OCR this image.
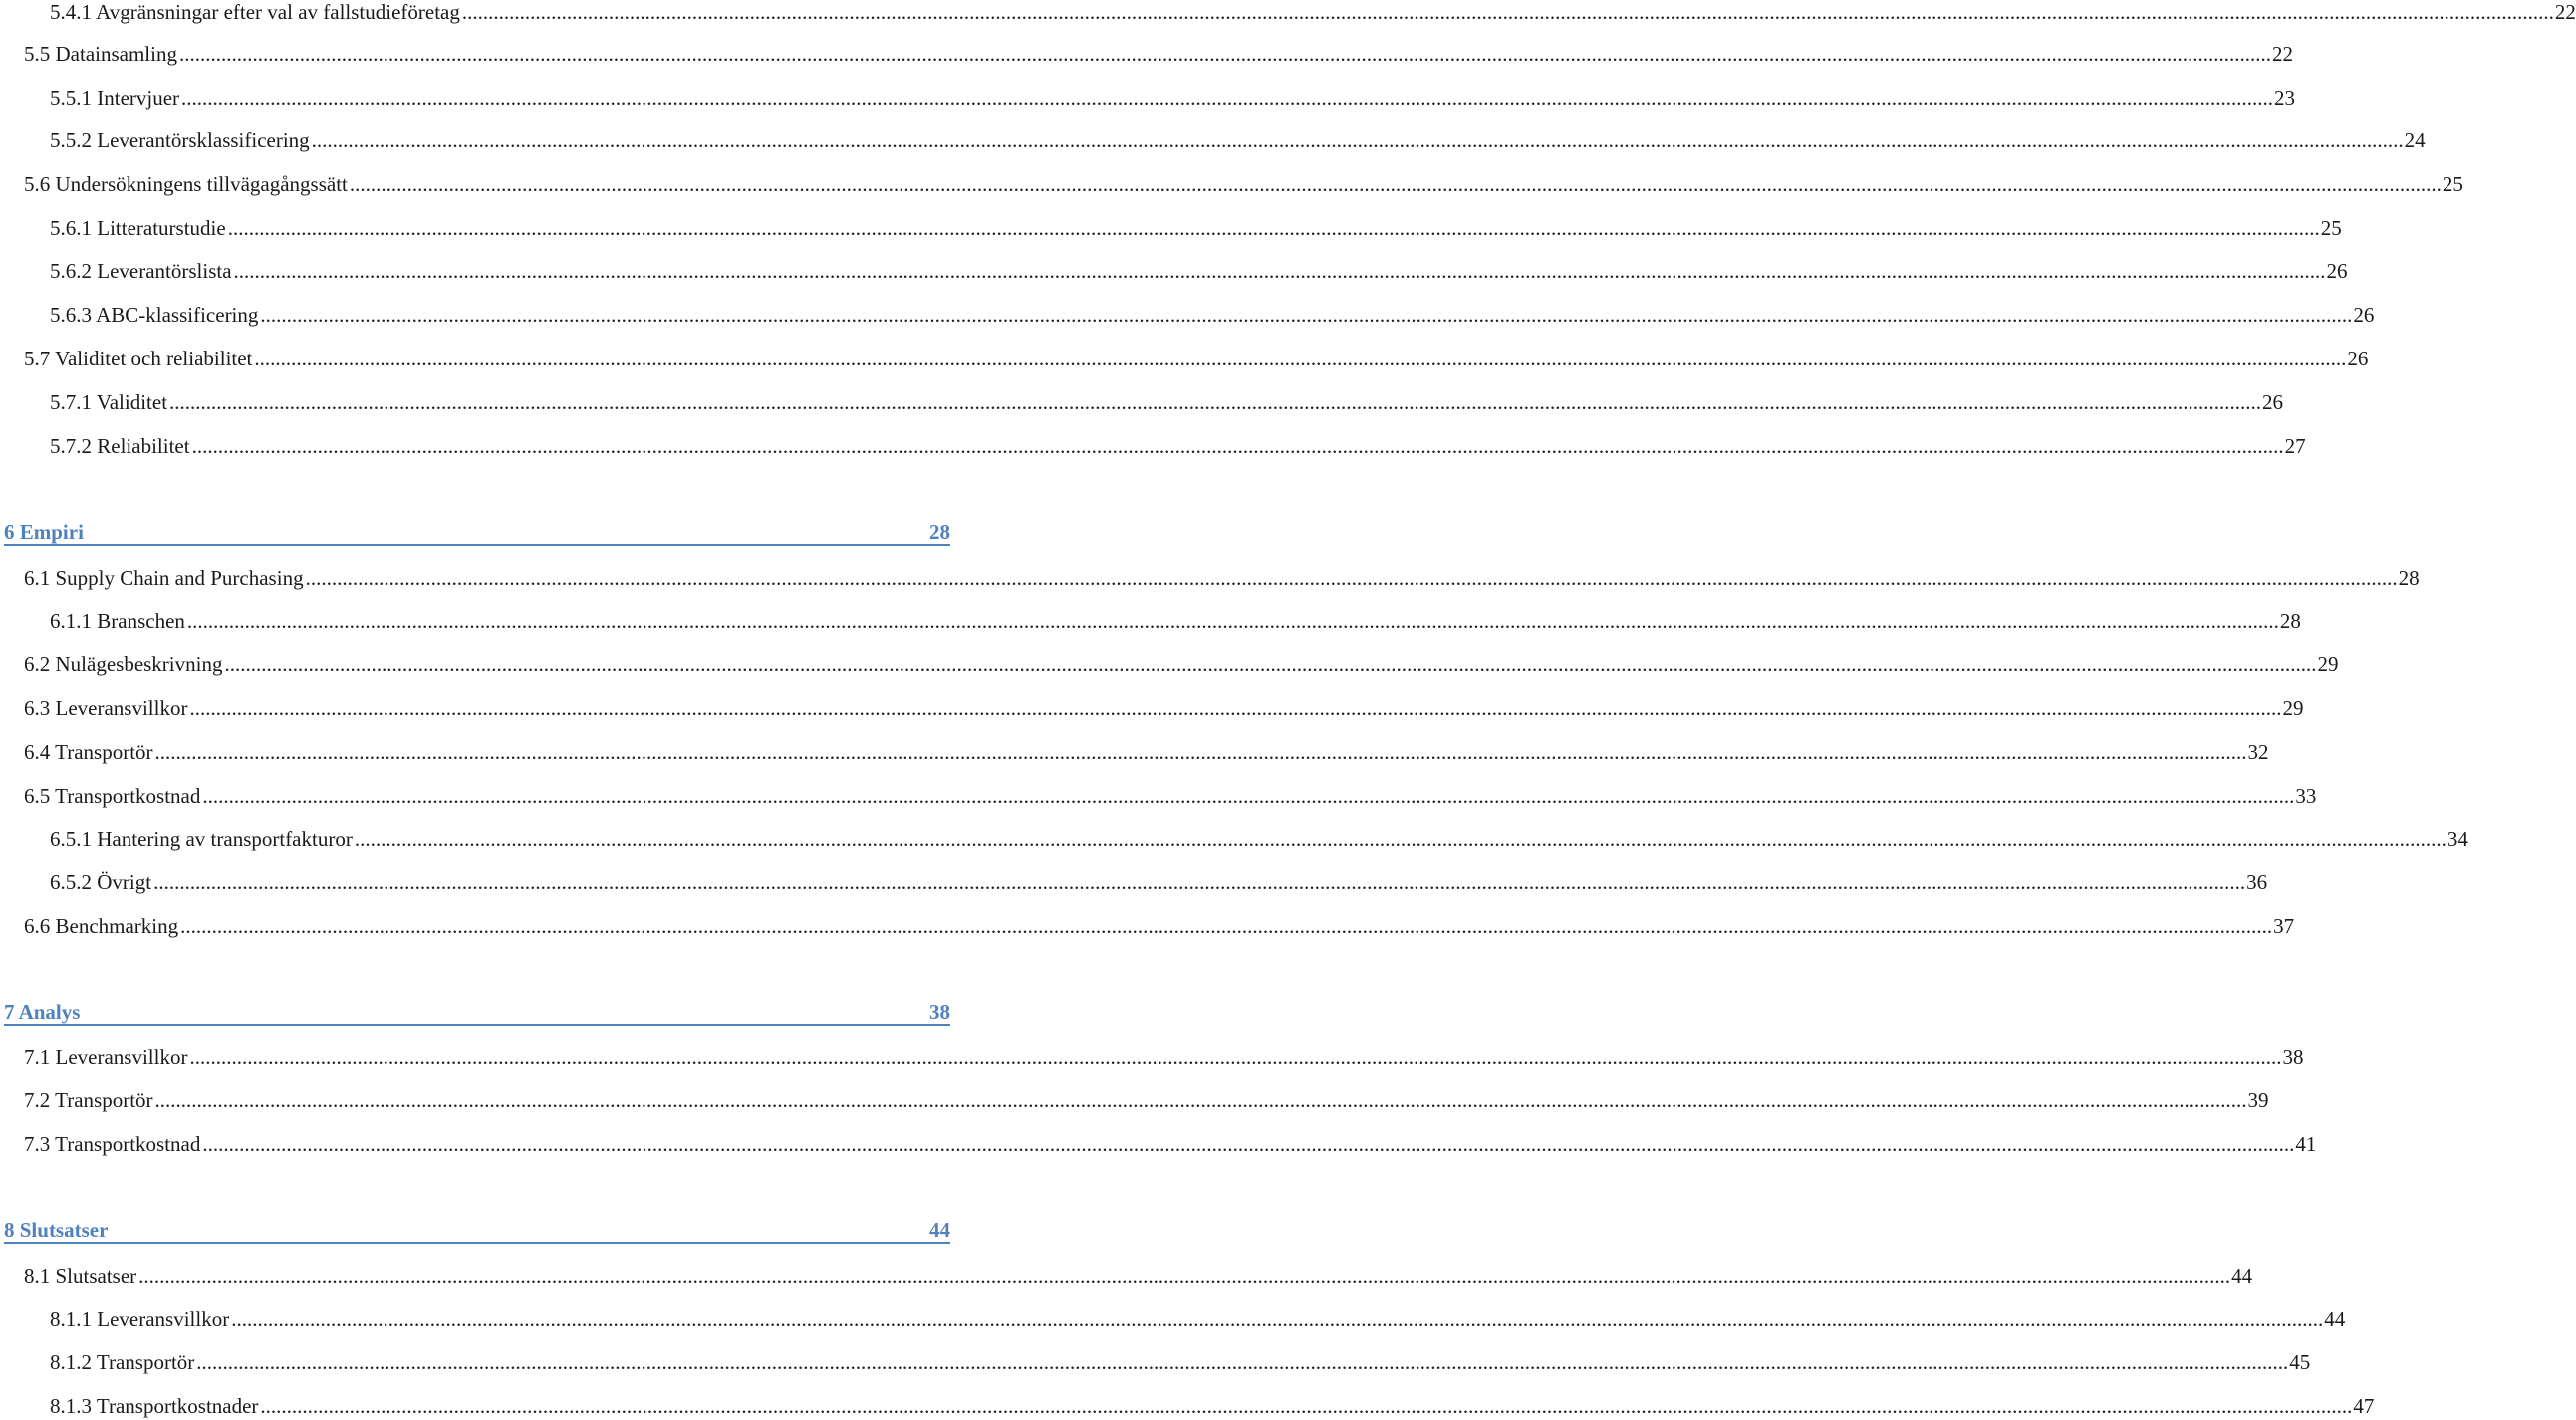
5.4.1 Avgränsningar efter val av fallstudieföretag ................................................................................................................................................................................................................................................................................................................................................................................................................ 22
5.5 Datainsamling ................................................................................................................................................................................................................................................................................................................................................................................................................ 22
5.5.1 Intervjuer ................................................................................................................................................................................................................................................................................................................................................................................................................ 23
5.5.2 Leverantörsklassificering ................................................................................................................................................................................................................................................................................................................................................................................................................ 24
5.6 Undersökningens tillvägagångssätt ................................................................................................................................................................................................................................................................................................................................................................................................................ 25
5.6.1 Litteraturstudie ................................................................................................................................................................................................................................................................................................................................................................................................................ 25
5.6.2 Leverantörslista ................................................................................................................................................................................................................................................................................................................................................................................................................ 26
5.6.3 ABC-klassificering ................................................................................................................................................................................................................................................................................................................................................................................................................ 26
5.7 Validitet och reliabilitet ................................................................................................................................................................................................................................................................................................................................................................................................................ 26
5.7.1 Validitet ................................................................................................................................................................................................................................................................................................................................................................................................................ 26
5.7.2 Reliabilitet ................................................................................................................................................................................................................................................................................................................................................................................................................ 27
6 Empiri	28
6.1 Supply Chain and Purchasing ................................................................................................................................................................................................................................................................................................................................................................................................................ 28
6.1.1 Branschen ................................................................................................................................................................................................................................................................................................................................................................................................................ 28
6.2 Nulägesbeskrivning ................................................................................................................................................................................................................................................................................................................................................................................................................ 29
6.3 Leveransvillkor ................................................................................................................................................................................................................................................................................................................................................................................................................ 29
6.4 Transportör ................................................................................................................................................................................................................................................................................................................................................................................................................ 32
6.5 Transportkostnad ................................................................................................................................................................................................................................................................................................................................................................................................................ 33
6.5.1 Hantering av transportfakturor ................................................................................................................................................................................................................................................................................................................................................................................................................ 34
6.5.2 Övrigt ................................................................................................................................................................................................................................................................................................................................................................................................................ 36
6.6 Benchmarking ................................................................................................................................................................................................................................................................................................................................................................................................................ 37
7 Analys	38
7.1 Leveransvillkor ................................................................................................................................................................................................................................................................................................................................................................................................................ 38
7.2 Transportör ................................................................................................................................................................................................................................................................................................................................................................................................................ 39
7.3 Transportkostnad ................................................................................................................................................................................................................................................................................................................................................................................................................ 41
8 Slutsatser	44
8.1 Slutsatser ................................................................................................................................................................................................................................................................................................................................................................................................................ 44
8.1.1 Leveransvillkor ................................................................................................................................................................................................................................................................................................................................................................................................................ 44
8.1.2 Transportör ................................................................................................................................................................................................................................................................................................................................................................................................................ 45
8.1.3 Transportkostnader ................................................................................................................................................................................................................................................................................................................................................................................................................ 47
